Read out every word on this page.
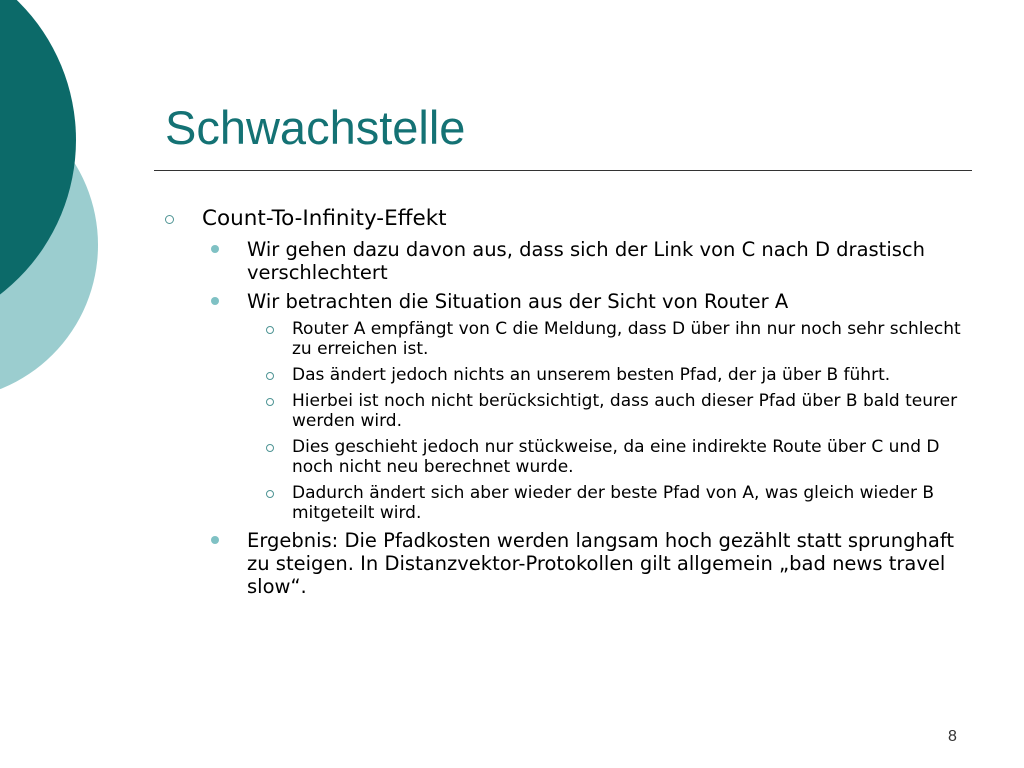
Schwachstelle
Count-To-Infinity-Effekt
Wir gehen dazu davon aus, dass sich der Link von C nach D drastisch verschlechtert
Wir betrachten die Situation aus der Sicht von Router A
Router A empfängt von C die Meldung, dass D über ihn nur noch sehr schlecht zu erreichen ist.
Das ändert jedoch nichts an unserem besten Pfad, der ja über B führt.
Hierbei ist noch nicht berücksichtigt, dass auch dieser Pfad über B bald teurer werden wird.
Dies geschieht jedoch nur stückweise, da eine indirekte Route über C und D noch nicht neu berechnet wurde.
Dadurch ändert sich aber wieder der beste Pfad von A, was gleich wieder B mitgeteilt wird.
Ergebnis: Die Pfadkosten werden langsam hoch gezählt statt sprunghaft zu steigen. In Distanzvektor-Protokollen gilt allgemein „bad news travel slow“.
8
